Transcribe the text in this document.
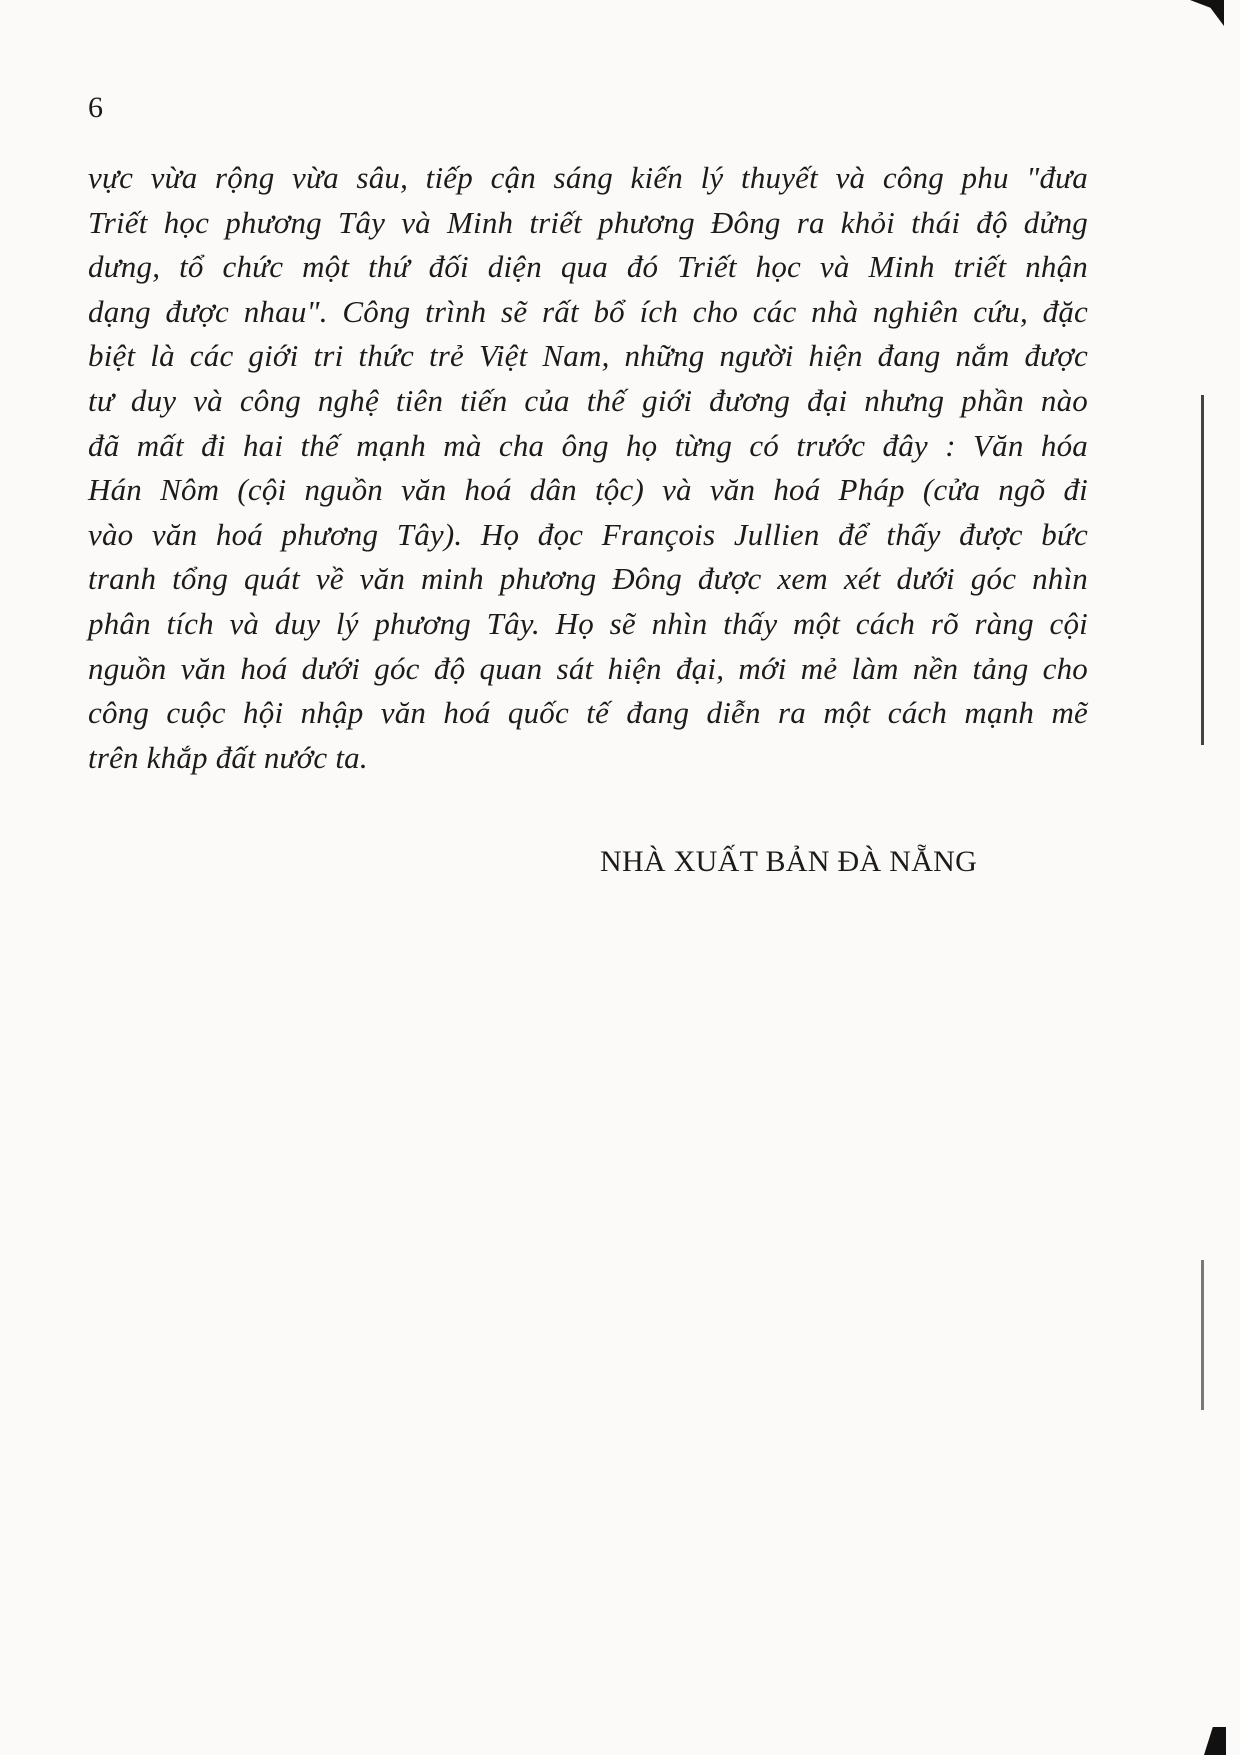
6
vực vừa rộng vừa sâu, tiếp cận sáng kiến lý thuyết và công phu "đưa
Triết học phương Tây và Minh triết phương Đông ra khỏi thái độ dửng
dưng, tổ chức một thứ đối diện qua đó Triết học và Minh triết nhận
dạng được nhau". Công trình sẽ rất bổ ích cho các nhà nghiên cứu, đặc
biệt là các giới tri thức trẻ Việt Nam, những người hiện đang nắm được
tư duy và công nghệ tiên tiến của thế giới đương đại nhưng phần nào
đã mất đi hai thế mạnh mà cha ông họ từng có trước đây : Văn hóa
Hán Nôm (cội nguồn văn hoá dân tộc) và văn hoá Pháp (cửa ngõ đi
vào văn hoá phương Tây). Họ đọc François Jullien để thấy được bức
tranh tổng quát về văn minh phương Đông được xem xét dưới góc nhìn
phân tích và duy lý phương Tây. Họ sẽ nhìn thấy một cách rõ ràng cội
nguồn văn hoá dưới góc độ quan sát hiện đại, mới mẻ làm nền tảng cho
công cuộc hội nhập văn hoá quốc tế đang diễn ra một cách mạnh mẽ
trên khắp đất nước ta.
NHÀ XUẤT BẢN ĐÀ NẴNG
